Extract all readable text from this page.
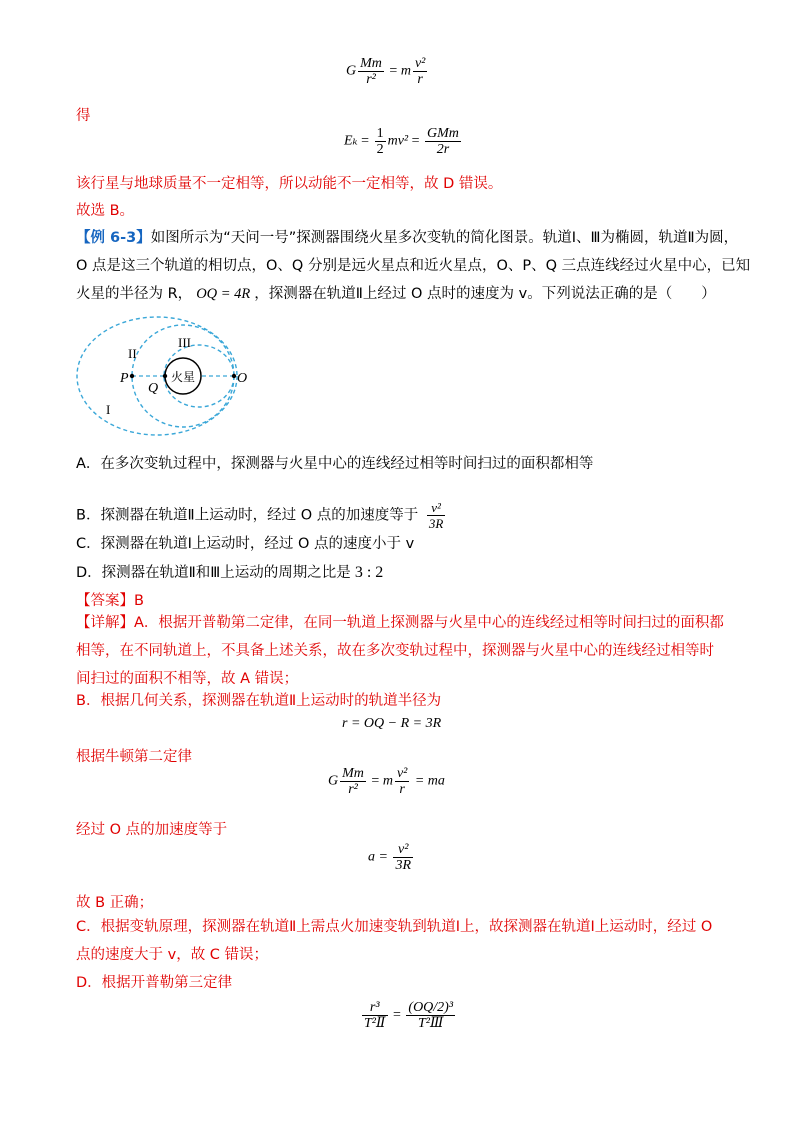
G $\frac{Mm}{\text{r²}} = m \frac{\text{v²}}{r}$
得
$E_k = \frac{1}{2} mv^2 = \frac{\text{GMm}}{2r}$
该行星与地球质量不一定相等，所以动能不一定相等，故 D 错误。
故选 B。
【例 6-3】如图所示为“天问一号”探测器围绕火星多次变轨的简化图景。轨道Ⅰ、Ⅲ为椭圆，轨道Ⅱ为圆，
O 点是这三个轨道的相切点，O、Q 分别是远火星点和近火星点，O、P、Q 三点连线经过火星中心，已知
火星的半径为 R， OQ = 4R ，探测器在轨道Ⅱ上经过 O 点时的速度为 v。下列说法正确的是（　　）
火星
II
III
I
P
Q
O
A．在多次变轨过程中，探测器与火星中心的连线经过相等时间扫过的面积都相等
B．探测器在轨道Ⅱ上运动时，经过 O 点的加速度等于 $\frac{\text{v²}}{3R}$
C．探测器在轨道Ⅰ上运动时，经过 O 点的速度小于 v
D．探测器在轨道Ⅱ和Ⅲ上运动的周期之比是 3 : 2
【答案】B
【详解】A．根据开普勒第二定律，在同一轨道上探测器与火星中心的连线经过相等时间扫过的面积都相等，在不同轨道上，不具备上述关系，故在多次变轨过程中，探测器与火星中心的连线经过相等时间扫过的面积不相等，故 A 错误；
B．根据几何关系，探测器在轨道Ⅱ上运动时的轨道半径为
r = OQ − R = 3R
根据牛顿第二定律
G $\frac{Mm}{\text{r²}} = m \frac{\text{v²}}{r}$ = ma
经过 O 点的加速度等于
$a = \frac{\text{v²}}{3R}$
故 B 正确；
C．根据变轨原理，探测器在轨道Ⅱ上需点火加速变轨到轨道Ⅰ上，故探测器在轨道Ⅰ上运动时，经过 O 点的速度大于 v，故 C 错误；
D．根据开普勒第三定律
$\frac{\text{r³}}{\text{T²Ⅱ}} = \frac{\text{(OQ/2)³}}{\text{T²Ⅲ}}$
